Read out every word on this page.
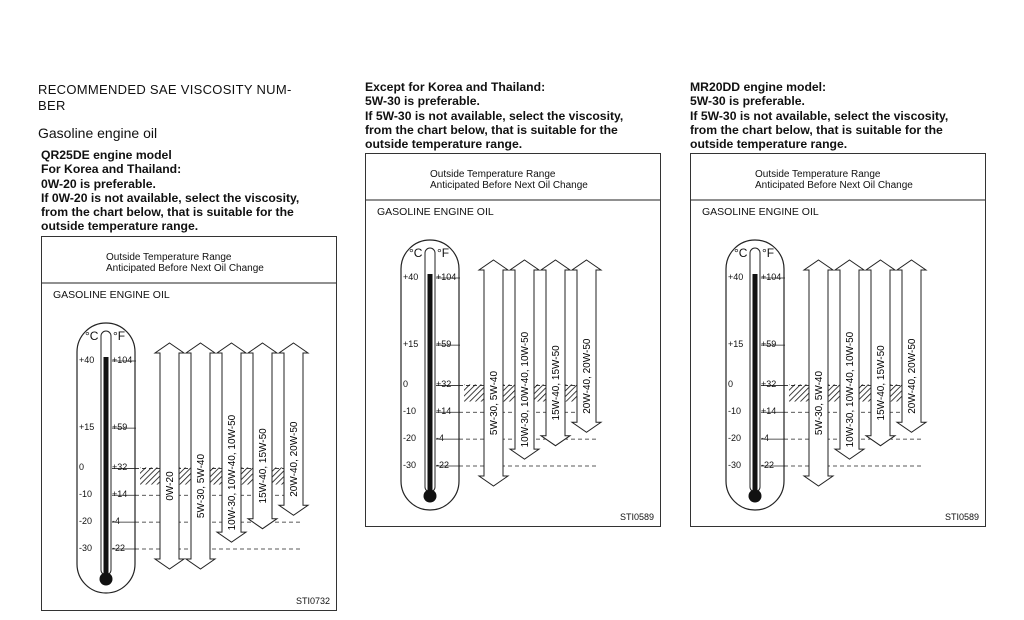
RECOMMENDED SAE VISCOSITY NUM-
BER
Gasoline engine oil
QR25DE engine model
For Korea and Thailand:
0W-20 is preferable.
If 0W-20 is not available, select the viscosity,
from the chart below, that is suitable for the
outside temperature range.
Except for Korea and Thailand:
5W-30 is preferable.
If 5W-30 is not available, select the viscosity,
from the chart below, that is suitable for the
outside temperature range.
MR20DD engine model:
5W-30 is preferable.
If 5W-30 is not available, select the viscosity,
from the chart below, that is suitable for the
outside temperature range.
Outside Temperature Range
Anticipated Before Next Oil Change
GASOLINE ENGINE OIL
STI0732
0W-20 5W-30, 5W-40 10W-30, 10W-40, 10W-50 15W-40, 15W-50 20W-40, 20W-50
°C °F
+40 +104
+15 +59
0	+32
-10 +14
-20 -4
-30 -22
Outside Temperature Range
Anticipated Before Next Oil Change
GASOLINE ENGINE OIL
STI0589
5W-30, 5W-40 10W-30, 10W-40, 10W-50 15W-40, 15W-50 20W-40, 20W-50
°C °F
+40 +104
+15 +59
0	+32
-10 +14
-20 -4
-30 -22
Outside Temperature Range
Anticipated Before Next Oil Change
GASOLINE ENGINE OIL
STI0589
5W-30, 5W-40 10W-30, 10W-40, 10W-50 15W-40, 15W-50 20W-40, 20W-50
°C °F
+40 +104
+15 +59
0	+32
-10 +14
-20 -4
-30 -22
